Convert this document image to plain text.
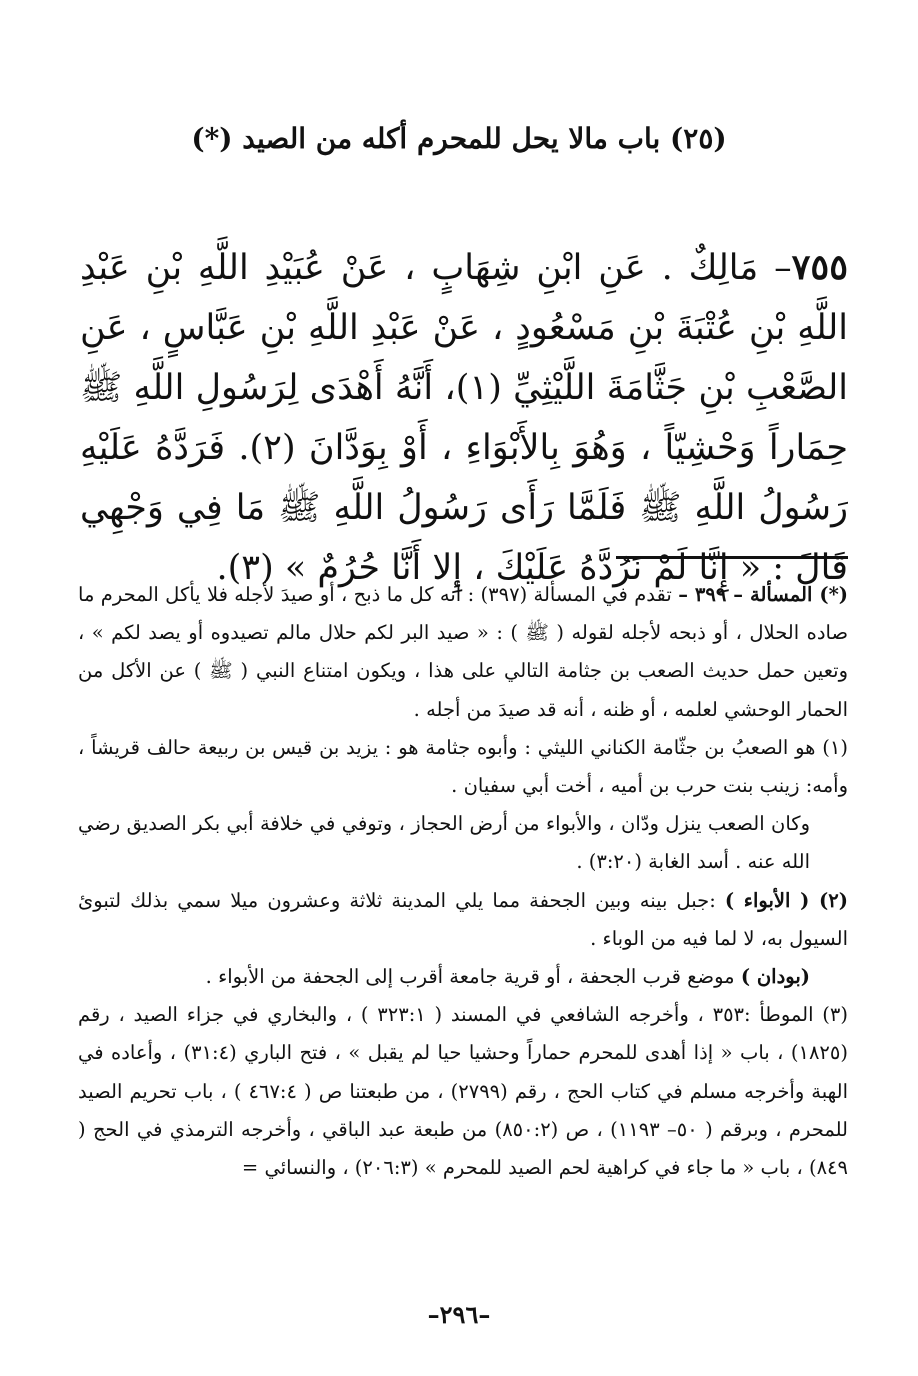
(٢٥) باب مالا يحل للمحرم أكله من الصيد (*)

٧٥٥– مَالِكٌ . عَنِ ابْنِ شِهَابٍ ، عَنْ عُبَيْدِ اللَّهِ بْنِ عَبْدِ اللَّهِ بْنِ عُتْبَةَ بْنِ مَسْعُودٍ ، عَنْ عَبْدِ اللَّهِ بْنِ عَبَّاسٍ ، عَنِ الصَّعْبِ بْنِ جَثَّامَةَ اللَّيْثِيِّ (١)، أَنَّهُ أَهْدَى لِرَسُولِ اللَّهِ ﷺ حِمَاراً وَحْشِيّاً ، وَهُوَ بِالأَبْوَاءِ ، أَوْ بِوَدَّانَ (٢). فَرَدَّهُ عَلَيْهِ رَسُولُ اللَّهِ ﷺ فَلَمَّا رَأَى رَسُولُ اللَّهِ ﷺ مَا فِي وَجْهِي قَالَ : « إِنَّا لَمْ نَرُدَّهُ عَلَيْكَ ، إِلا أَنَّا حُرُمٌ » (٣).

(*) المسألة – ٣٩٩ – تقدم في المسألة (٣٩٧) : أنه كل ما ذبح ، أو صيدَ لأجله فلا يأكل المحرم ما صاده الحلال ، أو ذبحه لأجله لقوله ( ﷺ ) : « صيد البر لكم حلال مالم تصيدوه أو يصد لكم » ، وتعين حمل حديث الصعب بن جثامة التالي على هذا ، ويكون امتناع النبي ( ﷺ ) عن الأكل من الحمار الوحشي لعلمه ، أو ظنه ، أنه قد صيدَ من أجله .

(١) هو الصعبُ بن جثّامة الكناني الليثي : وأبوه جثامة هو : يزيد بن قيس بن ربيعة حالف قريشاً ، وأمه: زينب بنت حرب بن أميه ، أخت أبي سفيان .

وكان الصعب ينزل ودّان ، والأبواء من أرض الحجاز ، وتوفي في خلافة أبي بكر الصديق رضي الله عنه . أسد الغابة (٣:٢٠) .

(٢) ( الأبواء ) :جبل بينه وبين الجحفة مما يلي المدينة ثلاثة وعشرون ميلا سمي بذلك لتبوئ السيول به، لا لما فيه من الوباء .

(بودان ) موضع قرب الجحفة ، أو قرية جامعة أقرب إلى الجحفة من الأبواء .

(٣) الموطأ :٣٥٣ ، وأخرجه الشافعي في المسند ( ٣٢٣:١ ) ، والبخاري في جزاء الصيد ، رقم (١٨٢٥) ، باب « إذا أهدى للمحرم حماراً وحشيا حيا لم يقبل » ، فتح الباري (٣١:٤) ، وأعاده في الهبة وأخرجه مسلم في كتاب الحج ، رقم (٢٧٩٩) ، من طبعتنا ص ( ٤٦٧:٤ ) ، باب تحريم الصيد للمحرم ، وبرقم ( ٥٠– ١١٩٣) ، ص (٨٥٠:٢) من طبعة عبد الباقي ، وأخرجه الترمذي في الحج ( ٨٤٩) ، باب « ما جاء في كراهية لحم الصيد للمحرم » (٢٠٦:٣) ، والنسائي =

–٢٩٦–
